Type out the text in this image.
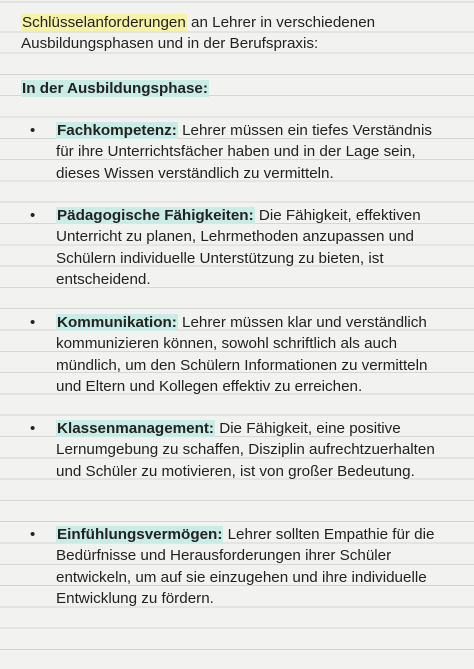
Schlüsselanforderungen an Lehrer in verschiedenen Ausbildungsphasen und in der Berufspraxis:
In der Ausbildungsphase:
•	Fachkompetenz: Lehrer müssen ein tiefes Verständnis für ihre Unterrichtsfächer haben und in der Lage sein, dieses Wissen verständlich zu vermitteln.
•	Pädagogische Fähigkeiten: Die Fähigkeit, effektiven Unterricht zu planen, Lehrmethoden anzupassen und Schülern individuelle Unterstützung zu bieten, ist entscheidend.
•	Kommunikation: Lehrer müssen klar und verständlich kommunizieren können, sowohl schriftlich als auch mündlich, um den Schülern Informationen zu vermitteln und Eltern und Kollegen effektiv zu erreichen.
•	Klassenmanagement: Die Fähigkeit, eine positive Lernumgebung zu schaffen, Disziplin aufrechtzuerhalten und Schüler zu motivieren, ist von großer Bedeutung.
•	Einfühlungsvermögen: Lehrer sollten Empathie für die Bedürfnisse und Herausforderungen ihrer Schüler entwickeln, um auf sie einzugehen und ihre individuelle Entwicklung zu fördern.
